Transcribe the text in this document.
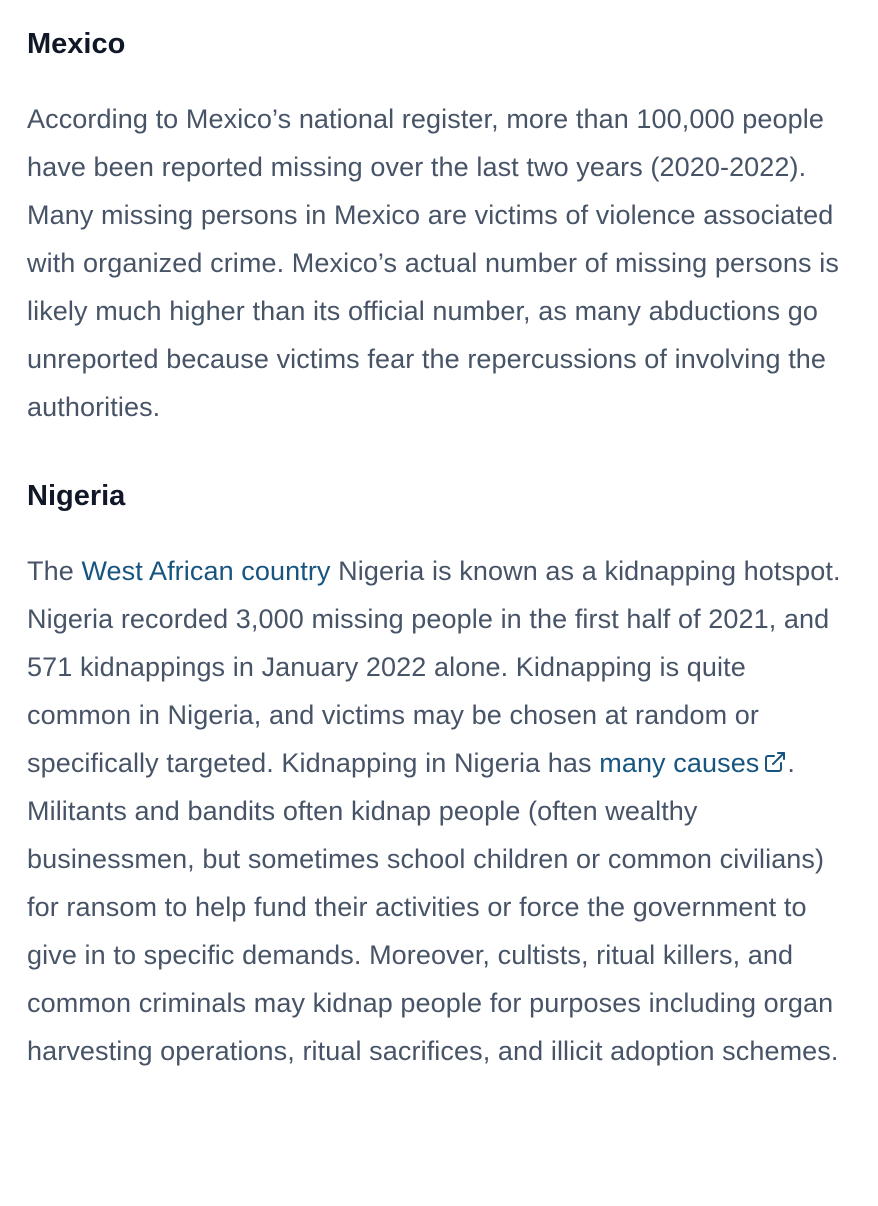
Mexico

According to Mexico’s national register, more than 100,000 people have been reported missing over the last two years (2020-2022). Many missing persons in Mexico are victims of violence associated with organized crime. Mexico’s actual number of missing persons is likely much higher than its official number, as many abductions go unreported because victims fear the repercussions of involving the authorities.

Nigeria

The West African country Nigeria is known as a kidnapping hotspot. Nigeria recorded 3,000 missing people in the first half of 2021, and 571 kidnappings in January 2022 alone. Kidnapping is quite common in Nigeria, and victims may be chosen at random or specifically targeted. Kidnapping in Nigeria has many causes . Militants and bandits often kidnap people (often wealthy businessmen, but sometimes school children or common civilians) for ransom to help fund their activities or force the government to give in to specific demands. Moreover, cultists, ritual killers, and common criminals may kidnap people for purposes including organ harvesting operations, ritual sacrifices, and illicit adoption schemes.
